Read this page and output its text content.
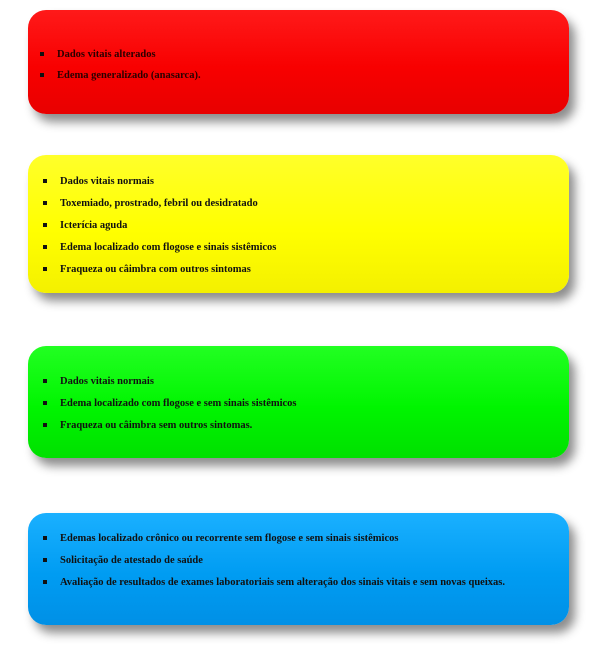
Dados vitais alterados
Edema generalizado (anasarca).
Dados vitais normais
Toxemiado, prostrado, febril ou desidratado
Icterícia aguda
Edema localizado com flogose e sinais sistêmicos
Fraqueza ou câimbra com outros sintomas
Dados vitais normais
Edema localizado com flogose e sem sinais sistêmicos
Fraqueza ou câimbra sem outros sintomas.
Edemas localizado crônico ou recorrente sem flogose e sem sinais sistêmicos
Solicitação de atestado de saúde
Avaliação de resultados de exames laboratoriais sem alteração dos sinais vitais e sem novas queixas.
